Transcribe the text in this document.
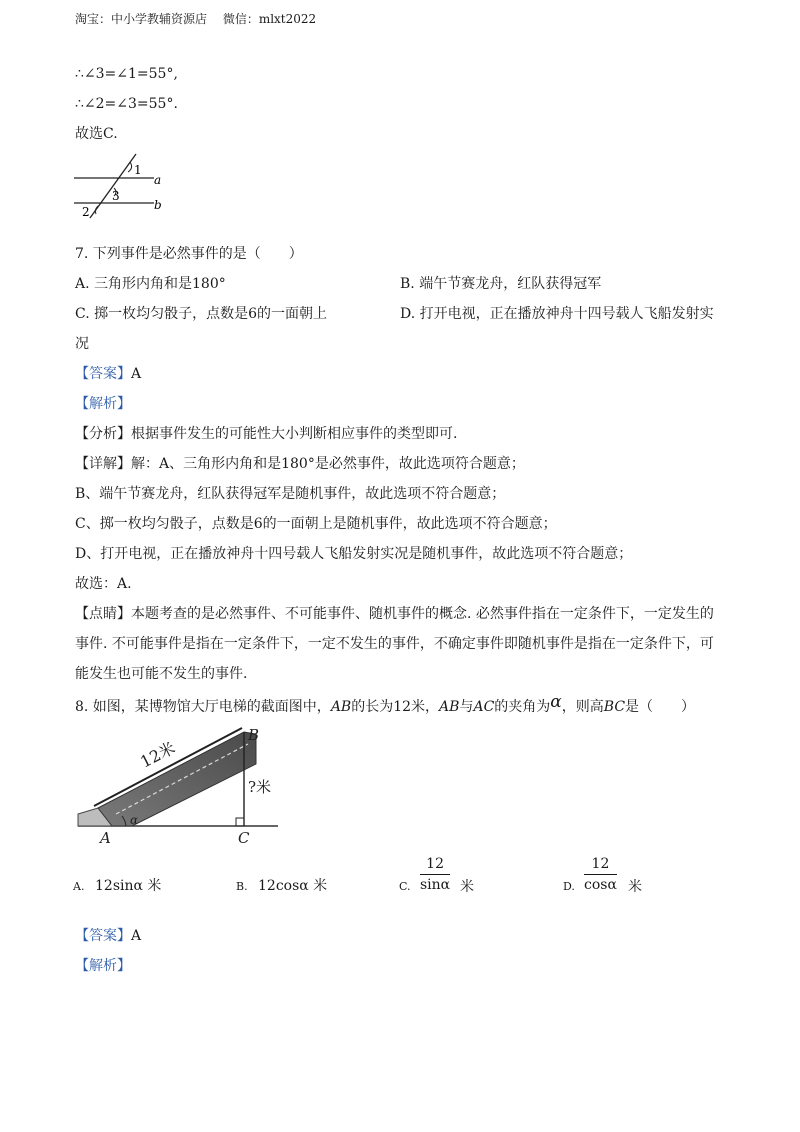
淘宝：中小学教辅资源店　 微信：mlxt2022
∴∠3=∠1=55°,
∴∠2=∠3=55°.
故选C.
1
3
2
a
b
7. 下列事件是必然事件的是（　　）
A. 三角形内角和是180°	B. 端午节赛龙舟，红队获得冠军
C. 掷一枚均匀骰子，点数是6的一面朝上	D. 打开电视，正在播放神舟十四号载人飞船发射实
况
【答案】A
【解析】
【分析】根据事件发生的可能性大小判断相应事件的类型即可.
【详解】解：A、三角形内角和是180°是必然事件，故此选项符合题意；
B、端午节赛龙舟，红队获得冠军是随机事件，故此选项不符合题意；
C、掷一枚均匀骰子，点数是6的一面朝上是随机事件，故此选项不符合题意；
D、打开电视，正在播放神舟十四号载人飞船发射实况是随机事件，故此选项不符合题意；
故选：A.
【点睛】本题考查的是必然事件、不可能事件、随机事件的概念. 必然事件指在一定条件下，一定发生的
事件. 不可能事件是指在一定条件下，一定不发生的事件，不确定事件即随机事件是指在一定条件下，可
能发生也可能不发生的事件.
8. 如图，某博物馆大厅电梯的截面图中，AB的长为12米，AB与AC的夹角为α，则高BC是（　　）
12米
?米
A
B
C
α
A. 12sinα 米	B. 12cosα 米	C. $\frac{12}{\sin\alpha}$ 米	D. $\frac{12}{\cos\alpha}$ 米
【答案】A
【解析】
